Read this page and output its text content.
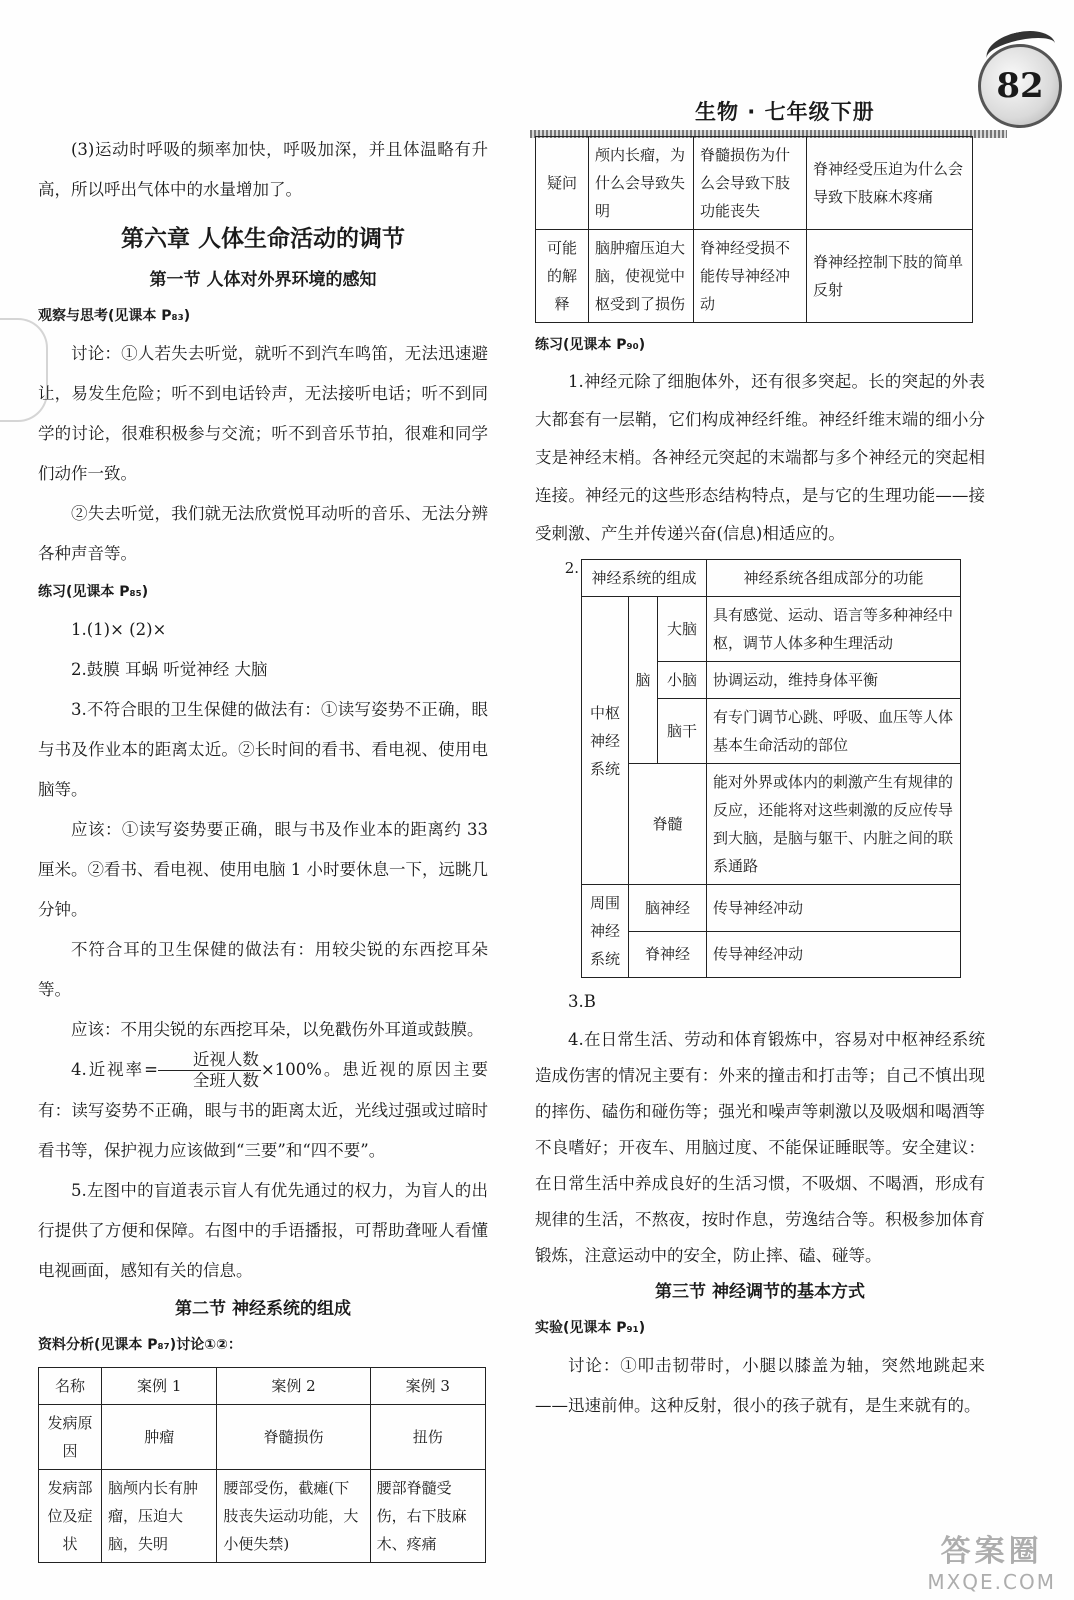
生物 · 七年级下册
82

(3)运动时呼吸的频率加快，呼吸加深，并且体温略有升高，所以呼出气体中的水量增加了。

第六章 人体生命活动的调节
第一节 人体对外界环境的感知
观察与思考(见课本 P₈₃)

讨论：①人若失去听觉，就听不到汽车鸣笛，无法迅速避让，易发生危险；听不到电话铃声，无法接听电话；听不到同学的讨论，很难积极参与交流；听不到音乐节拍，很难和同学们动作一致。

②失去听觉，我们就无法欣赏悦耳动听的音乐、无法分辨各种声音等。

练习(见课本 P₈₅)

1.(1)× (2)×

2.鼓膜 耳蜗 听觉神经 大脑

3.不符合眼的卫生保健的做法有：①读写姿势不正确，眼与书及作业本的距离太近。②长时间的看书、看电视、使用电脑等。

应该：①读写姿势要正确，眼与书及作业本的距离约 33 厘米。②看书、看电视、使用电脑 1 小时要休息一下，远眺几分钟。

不符合耳的卫生保健的做法有：用较尖锐的东西挖耳朵等。

应该：不用尖锐的东西挖耳朵，以免戳伤外耳道或鼓膜。

4.近视率=
近视人数
全班人数
×100%。患近视的原因主要有：读写姿势不正确，眼与书的距离太近，光线过强或过暗时看书等，保护视力应该做到“三要”和“四不要”。

5.左图中的盲道表示盲人有优先通过的权力，为盲人的出行提供了方便和保障。右图中的手语播报，可帮助聋哑人看懂电视画面，感知有关的信息。

第二节 神经系统的组成
资料分析(见课本 P₈₇)讨论①②：
名称	案例 1	案例 2	案例 3
发病原因	肿瘤	脊髓损伤	扭伤
发病部位及症状	脑颅内长有肿瘤，压迫大脑，失明	腰部受伤，截瘫(下肢丧失运动功能，大小便失禁)	腰部脊髓受伤，右下肢麻木、疼痛
疑问	颅内长瘤，为什么会导致失明	脊髓损伤为什么会导致下肢功能丧失	脊神经受压迫为什么会导致下肢麻木疼痛
可能的解释	脑肿瘤压迫大脑，使视觉中枢受到了损伤	脊神经受损不能传导神经冲动	脊神经控制下肢的简单反射
练习(见课本 P₉₀)

1.神经元除了细胞体外，还有很多突起。长的突起的外表大都套有一层鞘，它们构成神经纤维。神经纤维末端的细小分支是神经末梢。各神经元突起的末端都与多个神经元的突起相连接。神经元的这些形态结构特点，是与它的生理功能——接受刺激、产生并传递兴奋(信息)相适应的。

2.
神经系统的组成			神经系统各组成部分的功能
中枢神经系统	脑	大脑	具有感觉、运动、语言等多种神经中枢，调节人体多种生理活动
		小脑	协调运动，维持身体平衡
		脑干	有专门调节心跳、呼吸、血压等人体基本生命活动的部位
	脊髓		能对外界或体内的刺激产生有规律的反应，还能将对这些刺激的反应传导到大脑，是脑与躯干、内脏之间的联系通路
周围神经系统	脑神经		传导神经冲动
	脊神经		传导神经冲动

3.B

4.在日常生活、劳动和体育锻炼中，容易对中枢神经系统造成伤害的情况主要有：外来的撞击和打击等；自己不慎出现的摔伤、磕伤和碰伤等；强光和噪声等刺激以及吸烟和喝酒等不良嗜好；开夜车、用脑过度、不能保证睡眠等。安全建议：在日常生活中养成良好的生活习惯，不吸烟、不喝酒，形成有规律的生活，不熬夜，按时作息，劳逸结合等。积极参加体育锻炼，注意运动中的安全，防止摔、磕、碰等。

第三节 神经调节的基本方式
实验(见课本 P₉₁)

讨论：①叩击韧带时，小腿以膝盖为轴，突然地跳起来——迅速前伸。这种反射，很小的孩子就有，是生来就有的。

答案圈
MXQE.COM
